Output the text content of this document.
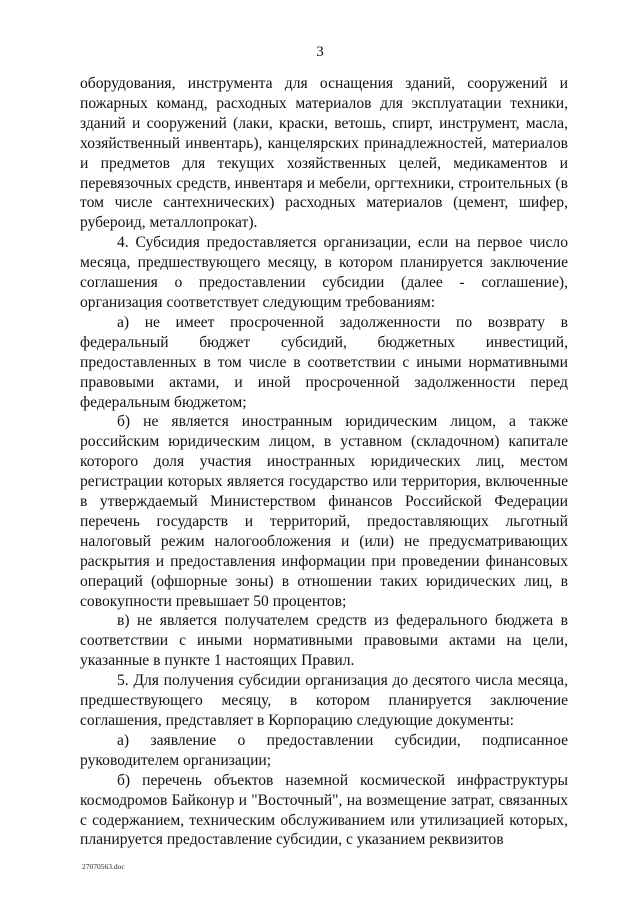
3

оборудования, инструмента для оснащения зданий, сооружений и пожарных команд, расходных материалов для эксплуатации техники, зданий и сооружений (лаки, краски, ветошь, спирт, инструмент, масла, хозяйственный инвентарь), канцелярских принадлежностей, материалов и предметов для текущих хозяйственных целей, медикаментов и перевязочных средств, инвентаря и мебели, оргтехники, строительных (в том числе сантехнических) расходных материалов (цемент, шифер, рубероид, металлопрокат).

4. Субсидия предоставляется организации, если на первое число месяца, предшествующего месяцу, в котором планируется заключение соглашения о предоставлении субсидии (далее - соглашение), организация соответствует следующим требованиям:

а) не имеет просроченной задолженности по возврату в федеральный бюджет субсидий, бюджетных инвестиций, предоставленных в том числе в соответствии с иными нормативными правовыми актами, и иной просроченной задолженности перед федеральным бюджетом;

б) не является иностранным юридическим лицом, а также российским юридическим лицом, в уставном (складочном) капитале которого доля участия иностранных юридических лиц, местом регистрации которых является государство или территория, включенные в утверждаемый Министерством финансов Российской Федерации перечень государств и территорий, предоставляющих льготный налоговый режим налогообложения и (или) не предусматривающих раскрытия и предоставления информации при проведении финансовых операций (офшорные зоны) в отношении таких юридических лиц, в совокупности превышает 50 процентов;

в) не является получателем средств из федерального бюджета в соответствии с иными нормативными правовыми актами на цели, указанные в пункте 1 настоящих Правил.

5. Для получения субсидии организация до десятого числа месяца, предшествующего месяцу, в котором планируется заключение соглашения, представляет в Корпорацию следующие документы:

а) заявление о предоставлении субсидии, подписанное руководителем организации;

б) перечень объектов наземной космической инфраструктуры космодромов Байконур и "Восточный", на возмещение затрат, связанных с содержанием, техническим обслуживанием или утилизацией которых, планируется предоставление субсидии, с указанием реквизитов

27070563.doc
